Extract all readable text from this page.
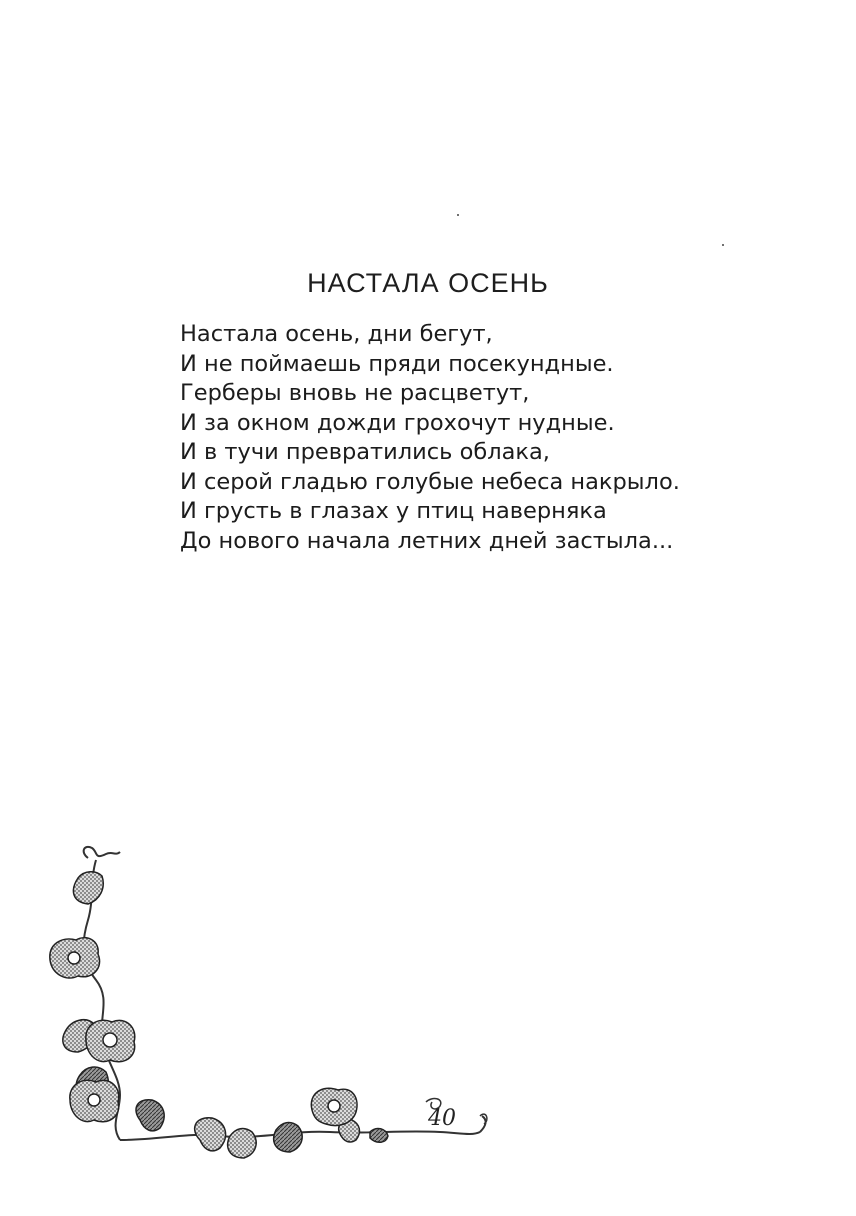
НАСТАЛА ОСЕНЬ
Настала осень, дни бегут,
И не поймаешь пряди посекундные.
Герберы вновь не расцветут,
И за окном дожди грохочут нудные.
И в тучи превратились облака,
И серой гладью голубые небеса накрыло.
И грусть в глазах у птиц наверняка
До нового начала летних дней застыла...
40
